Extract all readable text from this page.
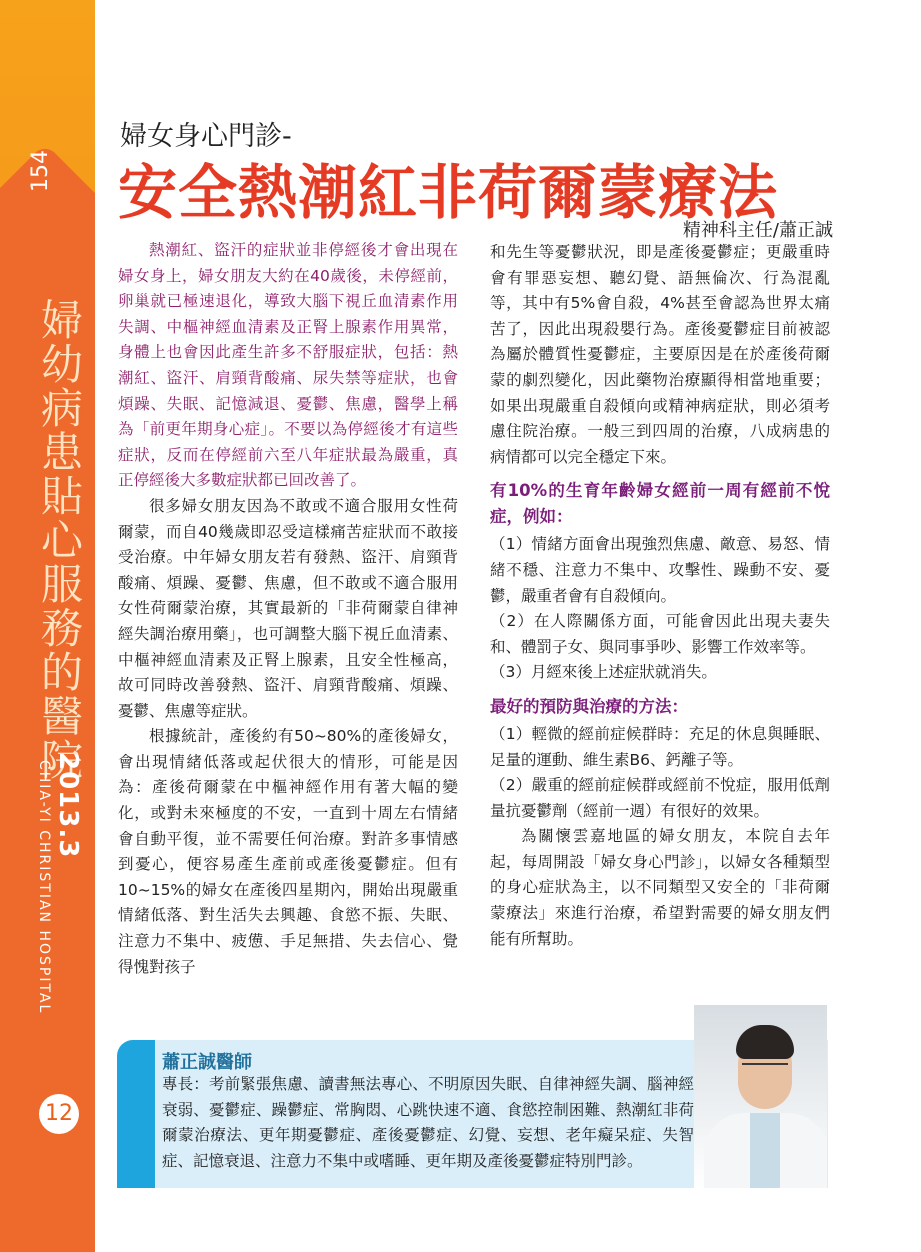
154
婦幼病患貼心服務的醫院
2013.3
CHIA-YI CHRISTIAN HOSPITAL
12
婦女身心門診-
安全熱潮紅非荷爾蒙療法
精神科主任/蕭正誠

熱潮紅、盜汗的症狀並非停經後才會出現在婦女身上，婦女朋友大約在40歲後，未停經前，卵巢就已極速退化，導致大腦下視丘血清素作用失調、中樞神經血清素及正腎上腺素作用異常，身體上也會因此產生許多不舒服症狀，包括：熱潮紅、盜汗、肩頸背酸痛、尿失禁等症狀，也會煩躁、失眠、記憶減退、憂鬱、焦慮，醫學上稱為「前更年期身心症」。不要以為停經後才有這些症狀，反而在停經前六至八年症狀最為嚴重，真正停經後大多數症狀都已回改善了。

很多婦女朋友因為不敢或不適合服用女性荷爾蒙，而自40幾歲即忍受這樣痛苦症狀而不敢接受治療。中年婦女朋友若有發熱、盜汗、肩頸背酸痛、煩躁、憂鬱、焦慮，但不敢或不適合服用女性荷爾蒙治療，其實最新的「非荷爾蒙自律神經失調治療用藥」，也可調整大腦下視丘血清素、中樞神經血清素及正腎上腺素，且安全性極高，故可同時改善發熱、盜汗、肩頸背酸痛、煩躁、憂鬱、焦慮等症狀。

根據統計，產後約有50~80%的產後婦女，會出現情緒低落或起伏很大的情形，可能是因為：產後荷爾蒙在中樞神經作用有著大幅的變化，或對未來極度的不安，一直到十周左右情緒會自動平復，並不需要任何治療。對許多事情感到憂心，便容易產生產前或產後憂鬱症。但有10~15%的婦女在產後四星期內，開始出現嚴重情緒低落、對生活失去興趣、食慾不振、失眠、注意力不集中、疲憊、手足無措、失去信心、覺得愧對孩子

和先生等憂鬱狀況，即是產後憂鬱症；更嚴重時會有罪惡妄想、聽幻覺、語無倫次、行為混亂等，其中有5%會自殺，4%甚至會認為世界太痛苦了，因此出現殺嬰行為。產後憂鬱症目前被認為屬於體質性憂鬱症，主要原因是在於產後荷爾蒙的劇烈變化，因此藥物治療顯得相當地重要；如果出現嚴重自殺傾向或精神病症狀，則必須考慮住院治療。一般三到四周的治療，八成病患的病情都可以完全穩定下來。

有10%的生育年齡婦女經前一周有經前不悅症，例如：

（1）情緒方面會出現強烈焦慮、敵意、易怒、情緒不穩、注意力不集中、攻擊性、躁動不安、憂鬱，嚴重者會有自殺傾向。

（2）在人際關係方面，可能會因此出現夫妻失和、體罰子女、與同事爭吵、影響工作效率等。

（3）月經來後上述症狀就消失。

最好的預防與治療的方法：

（1）輕微的經前症候群時：充足的休息與睡眠、足量的運動、維生素B6、鈣離子等。

（2）嚴重的經前症候群或經前不悅症，服用低劑量抗憂鬱劑（經前一週）有很好的效果。

為關懷雲嘉地區的婦女朋友，本院自去年起，每周開設「婦女身心門診」，以婦女各種類型的身心症狀為主，以不同類型又安全的「非荷爾蒙療法」來進行治療，希望對需要的婦女朋友們能有所幫助。

蕭正誠醫師
專長：考前緊張焦慮、讀書無法專心、不明原因失眠、自律神經失調、腦神經衰弱、憂鬱症、躁鬱症、常胸悶、心跳快速不適、食慾控制困難、熱潮紅非荷爾蒙治療法、更年期憂鬱症、產後憂鬱症、幻覺、妄想、老年癡呆症、失智症、記憶衰退、注意力不集中或嗜睡、更年期及產後憂鬱症特別門診。
